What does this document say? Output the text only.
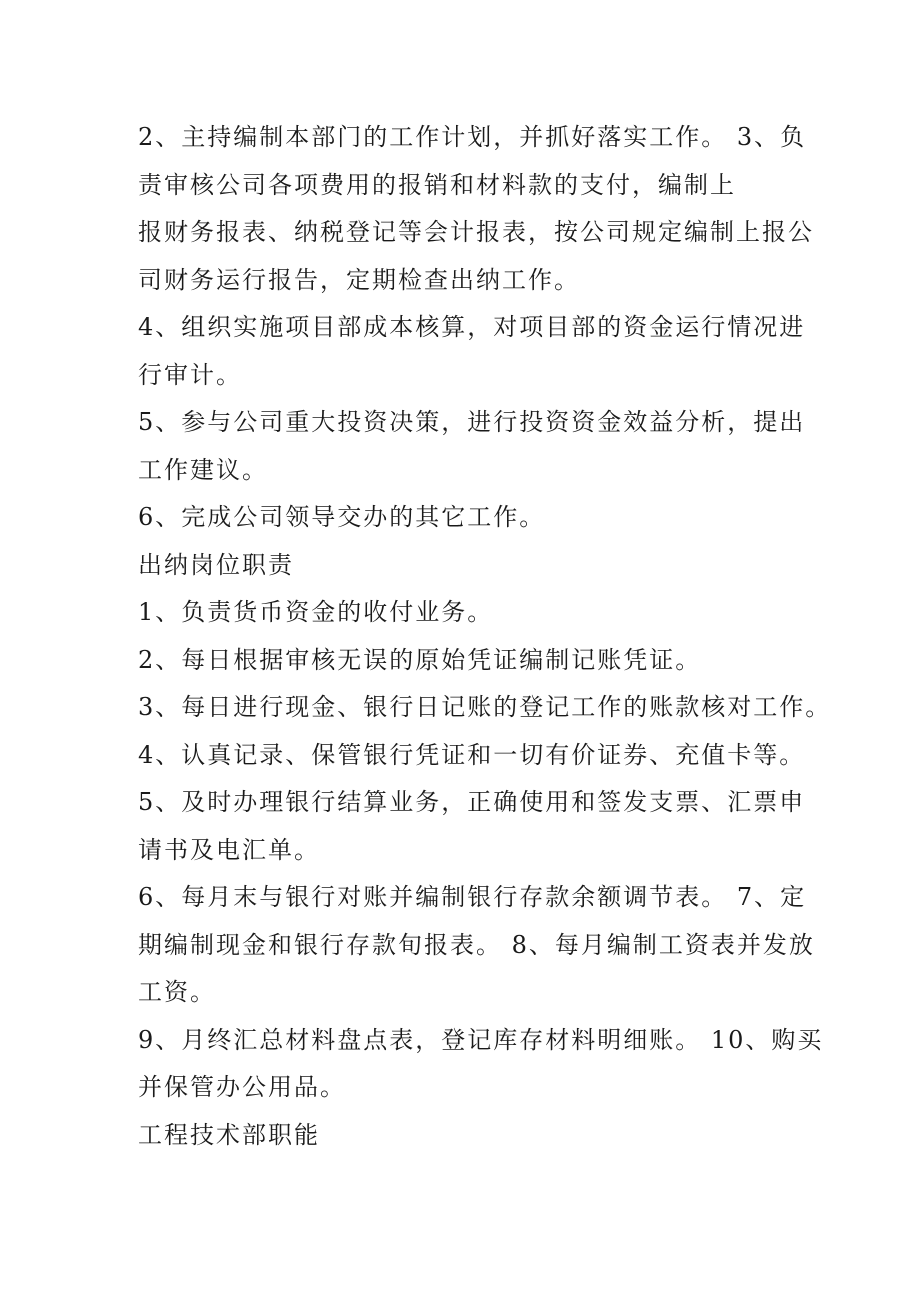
2、主持编制本部门的工作计划，并抓好落实工作。 3、负
责审核公司各项费用的报销和材料款的支付，编制上
报财务报表、纳税登记等会计报表，按公司规定编制上报公
司财务运行报告，定期检查出纳工作。
4、组织实施项目部成本核算，对项目部的资金运行情况进
行审计。
5、参与公司重大投资决策，进行投资资金效益分析，提出
工作建议。
6、完成公司领导交办的其它工作。
出纳岗位职责
1、负责货币资金的收付业务。
2、每日根据审核无误的原始凭证编制记账凭证。
3、每日进行现金、银行日记账的登记工作的账款核对工作。
4、认真记录、保管银行凭证和一切有价证券、充值卡等。
5、及时办理银行结算业务，正确使用和签发支票、汇票申
请书及电汇单。
6、每月末与银行对账并编制银行存款余额调节表。 7、定
期编制现金和银行存款旬报表。 8、每月编制工资表并发放
工资。
9、月终汇总材料盘点表，登记库存材料明细账。 10、购买
并保管办公用品。
工程技术部职能
